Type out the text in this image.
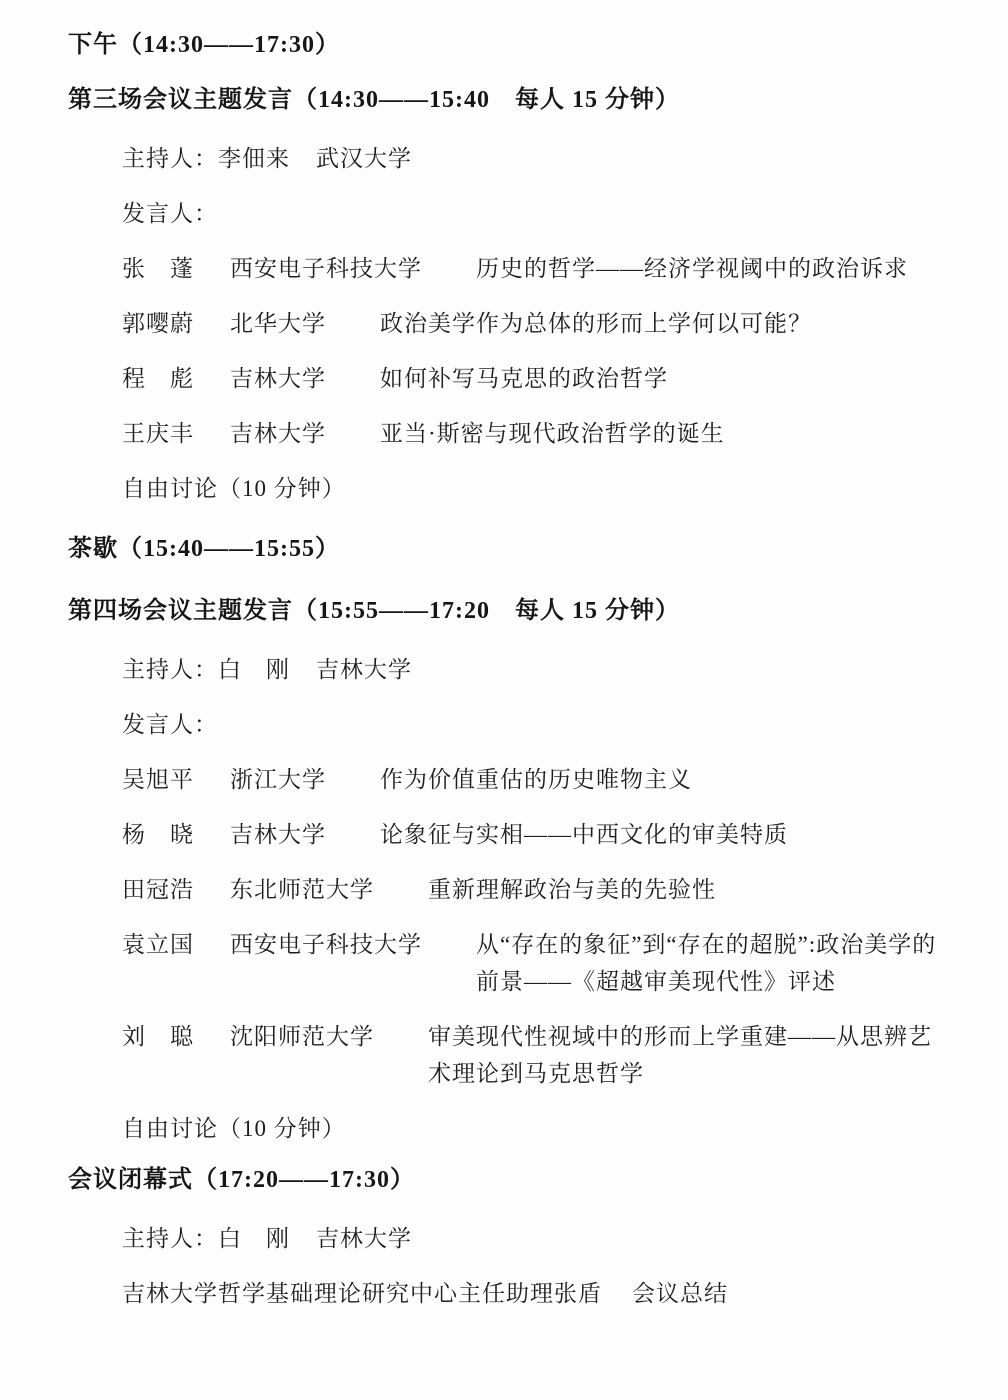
下午（14:30——17:30）
第三场会议主题发言（14:30——15:40　每人 15 分钟）
主持人：李佃来 武汉大学
发言人：
张　蓬	西安电子科技大学 历史的哲学——经济学视阈中的政治诉求
郭嘤蔚	北华大学 政治美学作为总体的形而上学何以可能？
程　彪	吉林大学 如何补写马克思的政治哲学
王庆丰	吉林大学 亚当·斯密与现代政治哲学的诞生
自由讨论（10 分钟）
茶歇（15:40——15:55）
第四场会议主题发言（15:55——17:20　每人 15 分钟）
主持人：白　刚 吉林大学
发言人：
吴旭平	浙江大学 作为价值重估的历史唯物主义
杨　晓	吉林大学 论象征与实相——中西文化的审美特质
田冠浩	东北师范大学 重新理解政治与美的先验性
袁立国	西安电子科技大学 从“存在的象征”到“存在的超脱”:政治美学的前景——《超越审美现代性》评述
刘　聪	沈阳师范大学 审美现代性视域中的形而上学重建——从思辨艺术理论到马克思哲学
自由讨论（10 分钟）
会议闭幕式（17:20——17:30）
主持人：白　刚 吉林大学
吉林大学哲学基础理论研究中心主任助理张盾 会议总结
